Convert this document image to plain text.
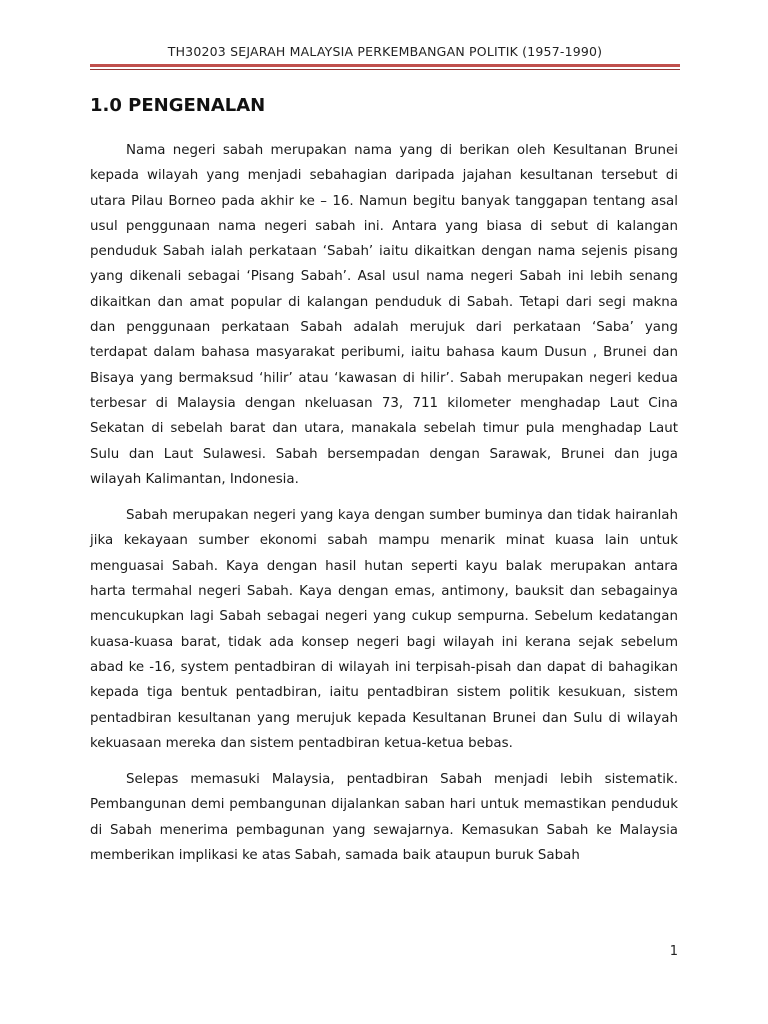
TH30203 SEJARAH MALAYSIA PERKEMBANGAN POLITIK (1957-1990)
1.0 PENGENALAN

Nama negeri sabah merupakan nama yang di berikan oleh Kesultanan Brunei kepada wilayah yang menjadi sebahagian daripada jajahan kesultanan tersebut di utara Pilau Borneo pada akhir ke – 16. Namun begitu banyak tanggapan tentang asal usul penggunaan nama negeri sabah ini. Antara yang biasa di sebut di kalangan penduduk Sabah ialah perkataan ‘Sabah’ iaitu dikaitkan dengan nama sejenis pisang yang dikenali sebagai ‘Pisang Sabah’. Asal usul nama negeri Sabah ini lebih senang dikaitkan dan amat popular di kalangan penduduk di Sabah. Tetapi dari segi makna dan penggunaan perkataan Sabah adalah merujuk dari perkataan ‘Saba’ yang terdapat dalam bahasa masyarakat peribumi, iaitu bahasa kaum Dusun , Brunei dan Bisaya yang bermaksud ‘hilir’ atau ‘kawasan di hilir’. Sabah merupakan negeri kedua terbesar di Malaysia dengan nkeluasan 73, 711 kilometer menghadap Laut Cina Sekatan di sebelah barat dan utara, manakala sebelah timur pula menghadap Laut Sulu dan Laut Sulawesi. Sabah bersempadan dengan Sarawak, Brunei dan juga wilayah Kalimantan, Indonesia.

Sabah merupakan negeri yang kaya dengan sumber buminya dan tidak hairanlah jika kekayaan sumber ekonomi sabah mampu menarik minat kuasa lain untuk menguasai Sabah. Kaya dengan hasil hutan seperti kayu balak merupakan antara harta termahal negeri Sabah. Kaya dengan emas, antimony, bauksit dan sebagainya mencukupkan lagi Sabah sebagai negeri yang cukup sempurna. Sebelum kedatangan kuasa-kuasa barat, tidak ada konsep negeri bagi wilayah ini kerana sejak sebelum abad ke -16, system pentadbiran di wilayah ini terpisah-pisah dan dapat di bahagikan kepada tiga bentuk pentadbiran, iaitu pentadbiran sistem politik kesukuan, sistem pentadbiran kesultanan yang merujuk kepada Kesultanan Brunei dan Sulu di wilayah kekuasaan mereka dan sistem pentadbiran ketua-ketua bebas.

Selepas memasuki Malaysia, pentadbiran Sabah menjadi lebih sistematik. Pembangunan demi pembangunan dijalankan saban hari untuk memastikan penduduk di Sabah menerima pembagunan yang sewajarnya. Kemasukan Sabah ke Malaysia memberikan implikasi ke atas Sabah, samada baik ataupun buruk Sabah

1
